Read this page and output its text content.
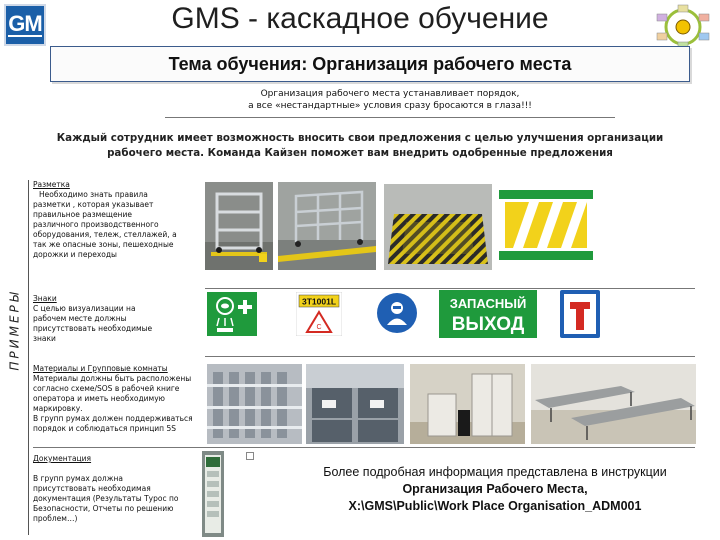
GM	GMS - каскадное обучение
Тема обучения: Организация рабочего места
Организация рабочего места устанавливает порядок,
а все «нестандартные» условия сразу бросаются в глаза!!!
Каждый сотрудник имеет возможность вносить свои предложения с целью улучшения организации
рабочего места. Команда Кайзен поможет вам внедрить одобренные предложения
ПРИМЕРЫ
Разметка
Необходимо знать правила
разметки , которая указывает
правильное размещение
различного производственного
оборудования, тележ, стеллажей, а
так же опасные зоны, пешеходные
дорожки и переходы
Знаки
С целью визуализации на
рабочем месте должны
присутствовать необходимые
знаки
3T1001L
C
ЗАПАСНЫЙ
ВЫХОД
Материалы и Групповые комнаты
Материалы должны быть расположены
согласно схеме/SOS в рабочей книге
оператора и иметь необходимую
маркировку.
В групп румах должен поддерживаться
порядок и соблюдаться принцип 5S
Документация
В групп румах должна
присутствовать необходимая
документация (Результаты Турос по
Безопасности, Отчеты по решению
проблем…)
Более подробная информация представлена в инструкции
Организация Рабочего Места,
X:\GMS\Public\Work Place Organisation_ADM001
